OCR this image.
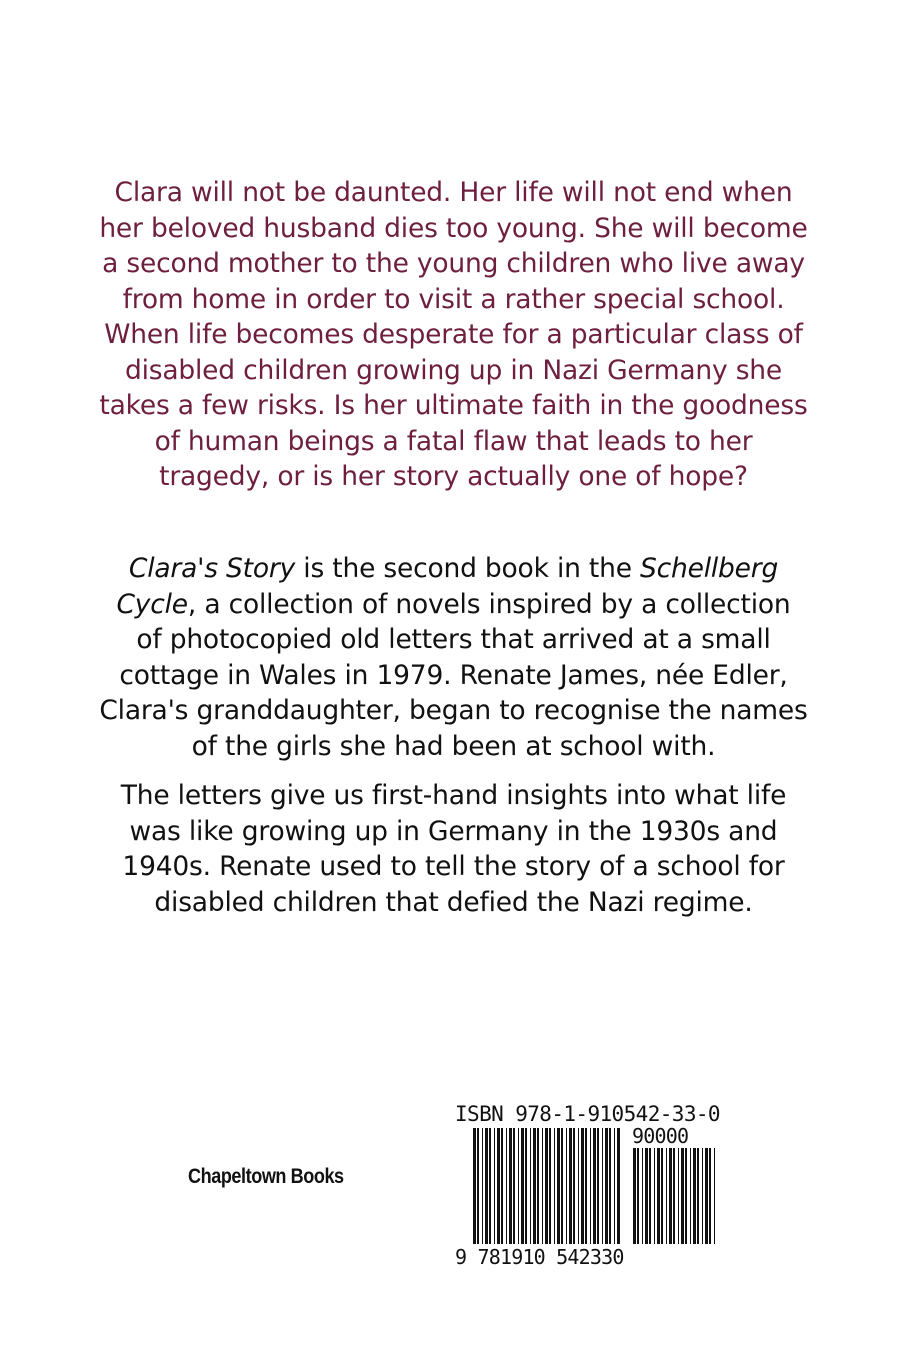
Clara will not be daunted. Her life will not end when

her beloved husband dies too young. She will become

a second mother to the young children who live away

from home in order to visit a rather special school.

When life becomes desperate for a particular class of

disabled children growing up in Nazi Germany she

takes a few risks. Is her ultimate faith in the goodness

of human beings a fatal flaw that leads to her

tragedy, or is her story actually one of hope?

Clara's Story is the second book in the Schellberg

Cycle, a collection of novels inspired by a collection

of photocopied old letters that arrived at a small

cottage in Wales in 1979. Renate James, née Edler,

Clara's granddaughter, began to recognise the names

of the girls she had been at school with.

The letters give us first-hand insights into what life

was like growing up in Germany in the 1930s and

1940s. Renate used to tell the story of a school for

disabled children that defied the Nazi regime.

Chapeltown Books
ISBN 978-1-910542-33-0
90000
9 781910 542330
